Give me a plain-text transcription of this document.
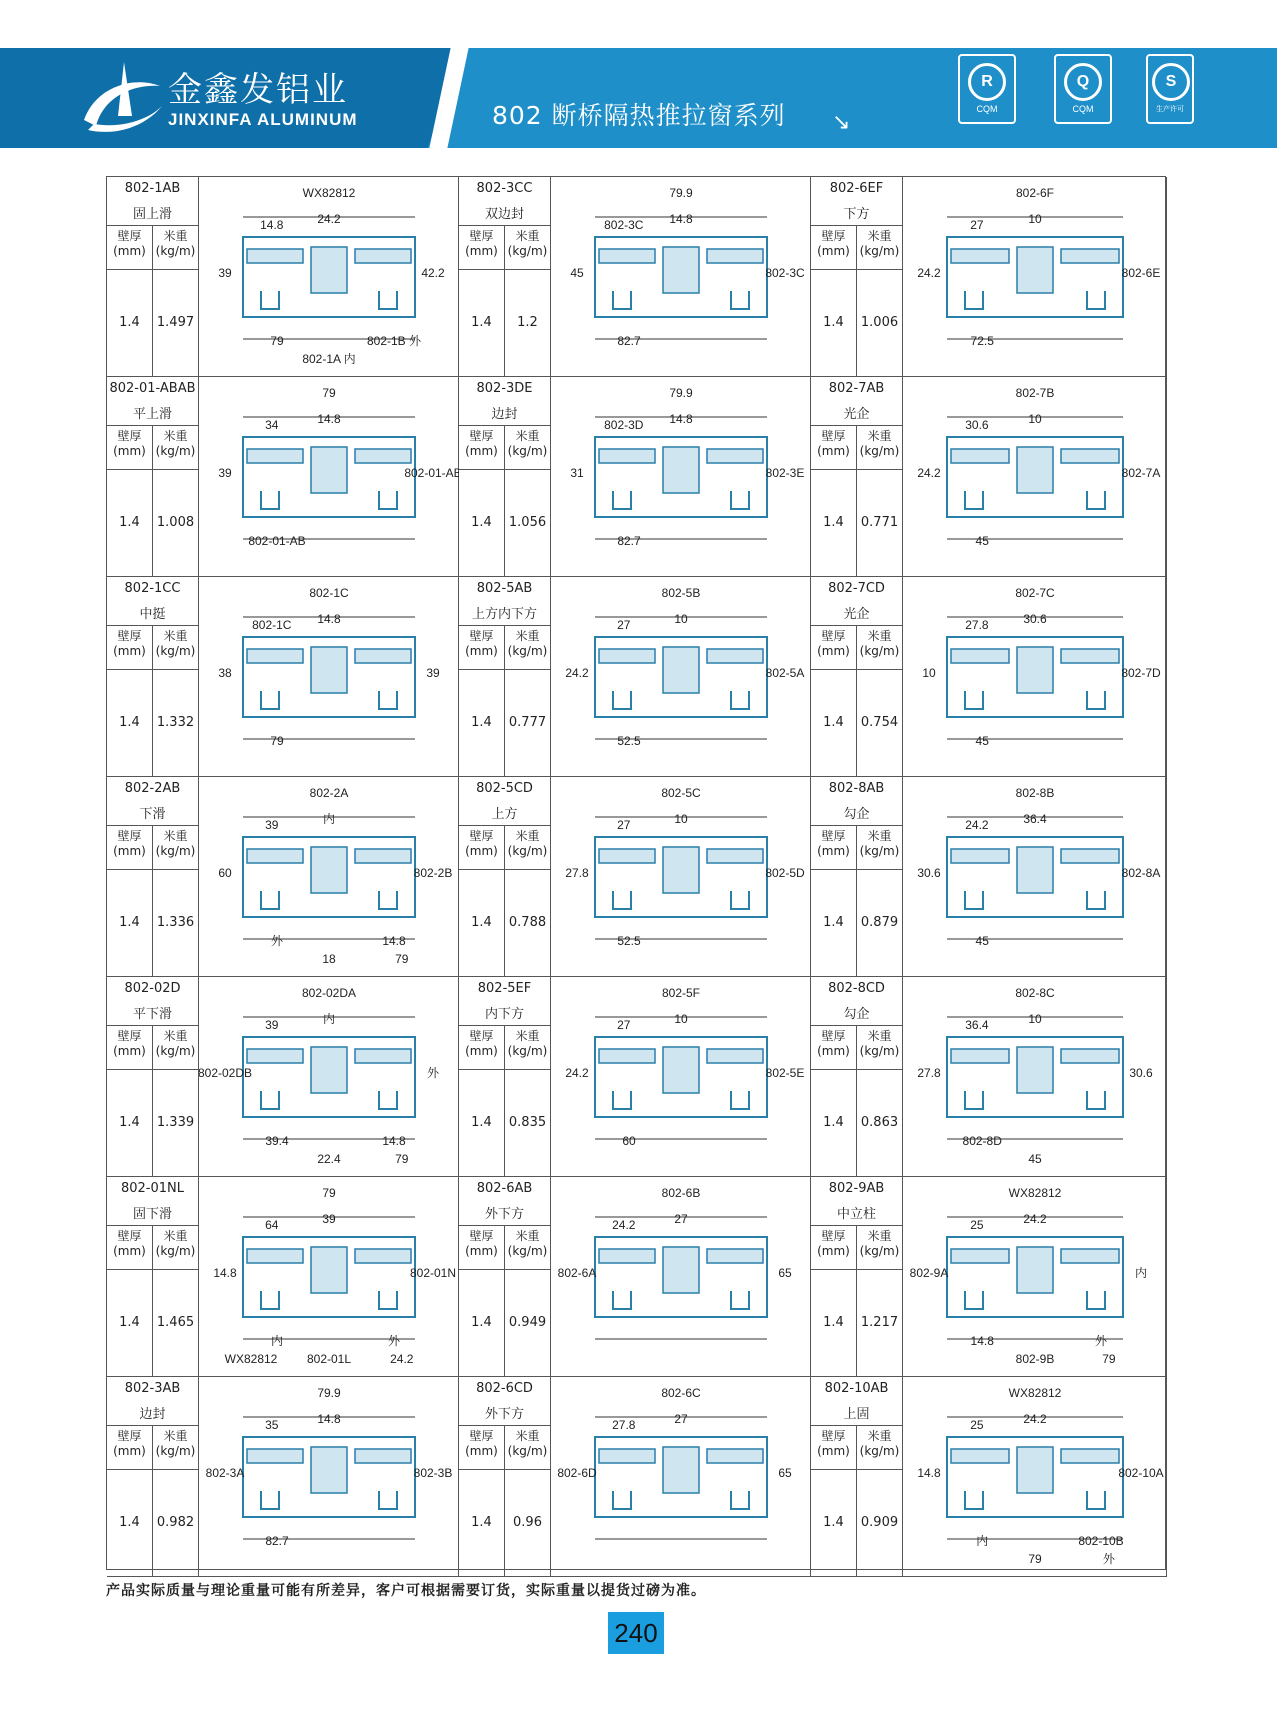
金鑫发铝业
JINXINFA ALUMINUM	802 断桥隔热推拉窗系列 ↘
R
CQM
Q
CQM
S
生产许可
802-1AB
固上滑
壁厚
(mm)
米重
(kg/m)
1.4	1.497
WX82812
24.2
14.8
39	42.2
79
802-1A 内
802-1B 外
802-3CC
双边封
壁厚
(mm)
米重
(kg/m)
1.4	1.2
79.9
14.8
802-3C
45	802-3C
82.7
802-6EF
下方
壁厚
(mm)
米重
(kg/m)
1.4	1.006
802-6F
10
27
24.2	802-6E
72.5
802-01-ABAB
平上滑
壁厚
(mm)
米重
(kg/m)
1.4	1.008
79
14.8
34
39	802-01-AB
802-01-AB
802-3DE
边封
壁厚
(mm)
米重
(kg/m)
1.4	1.056
79.9
14.8
802-3D
31	802-3E
82.7
802-7AB
光企
壁厚
(mm)
米重
(kg/m)
1.4	0.771
802-7B
10
30.6
24.2	802-7A
45
802-1CC
中挺
壁厚
(mm)
米重
(kg/m)
1.4	1.332
802-1C
14.8
802-1C
38	39
79
802-5AB
上方内下方
壁厚
(mm)
米重
(kg/m)
1.4	0.777
802-5B
10
27
24.2	802-5A
52.5
802-7CD
光企
壁厚
(mm)
米重
(kg/m)
1.4	0.754
802-7C
30.6
27.8
10	802-7D
45
802-2AB
下滑
壁厚
(mm)
米重
(kg/m)
1.4	1.336
802-2A
内
39
60	802-2B
外
18
14.8
79
802-5CD
上方
壁厚
(mm)
米重
(kg/m)
1.4	0.788
802-5C
10
27
27.8	802-5D
52.5
802-8AB
勾企
壁厚
(mm)
米重
(kg/m)
1.4	0.879
802-8B
36.4
24.2
30.6	802-8A
45
802-02D
平下滑
壁厚
(mm)
米重
(kg/m)
1.4	1.339
802-02DA
内
39
802-02DB	外
39.4
22.4
14.8
79
802-5EF
内下方
壁厚
(mm)
米重
(kg/m)
1.4	0.835
802-5F
10
27
24.2	802-5E
60
802-8CD
勾企
壁厚
(mm)
米重
(kg/m)
1.4	0.863
802-8C
10
36.4
27.8	30.6
802-8D
45
802-01NL
固下滑
壁厚
(mm)
米重
(kg/m)
1.4	1.465
79
39
64
14.8	802-01N
内
802-01L
外
24.2
WX82812
802-6AB
外下方
壁厚
(mm)
米重
(kg/m)
1.4	0.949
802-6B
27
24.2
802-6A	65
802-9AB
中立柱
壁厚
(mm)
米重
(kg/m)
1.4	1.217
WX82812
24.2
25
802-9A	内
14.8
802-9B
外
79
802-3AB
边封
壁厚
(mm)
米重
(kg/m)
1.4	0.982
79.9
14.8
35
802-3A	802-3B
82.7
802-6CD
外下方
壁厚
(mm)
米重
(kg/m)
1.4	0.96
802-6C
27
27.8
802-6D	65
802-10AB
上固
壁厚
(mm)
米重
(kg/m)
1.4	0.909
WX82812
24.2
25
14.8	802-10A
内
79
802-10B
外
产品实际质量与理论重量可能有所差异，客户可根据需要订货，实际重量以提货过磅为准。
240
